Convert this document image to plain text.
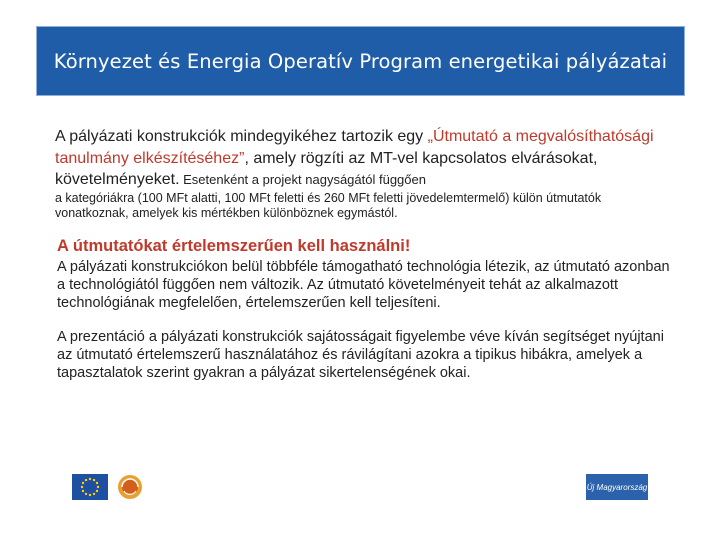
Környezet és Energia Operatív Program energetikai pályázatai

A pályázati konstrukciók mindegyikéhez tartozik egy „Útmutató a megvalósíthatósági tanulmány elkészítéséhez”, amely rögzíti az MT-vel kapcsolatos elvárásokat, követelményeket. Esetenként a projekt nagyságától függően

a kategóriákra (100 MFt alatti, 100 MFt feletti és 260 MFt feletti jövedelemtermelő) külön útmutatók vonatkoznak, amelyek kis mértékben különböznek egymástól.

A útmutatókat értelemszerűen kell használni!

A pályázati konstrukciókon belül többféle támogatható technológia létezik, az útmutató azonban a technológiától függően nem változik. Az útmutató követelményeit tehát az alkalmazott technológiának megfelelően, értelemszerűen kell teljesíteni.

A prezentáció a pályázati konstrukciók sajátosságait figyelembe véve kíván segítséget nyújtani az útmutató értelemszerű használatához és rávilágítani azokra a tipikus hibákra, amelyek a tapasztalatok szerint gyakran a pályázat sikertelenségének okai.

Új Magyarország
